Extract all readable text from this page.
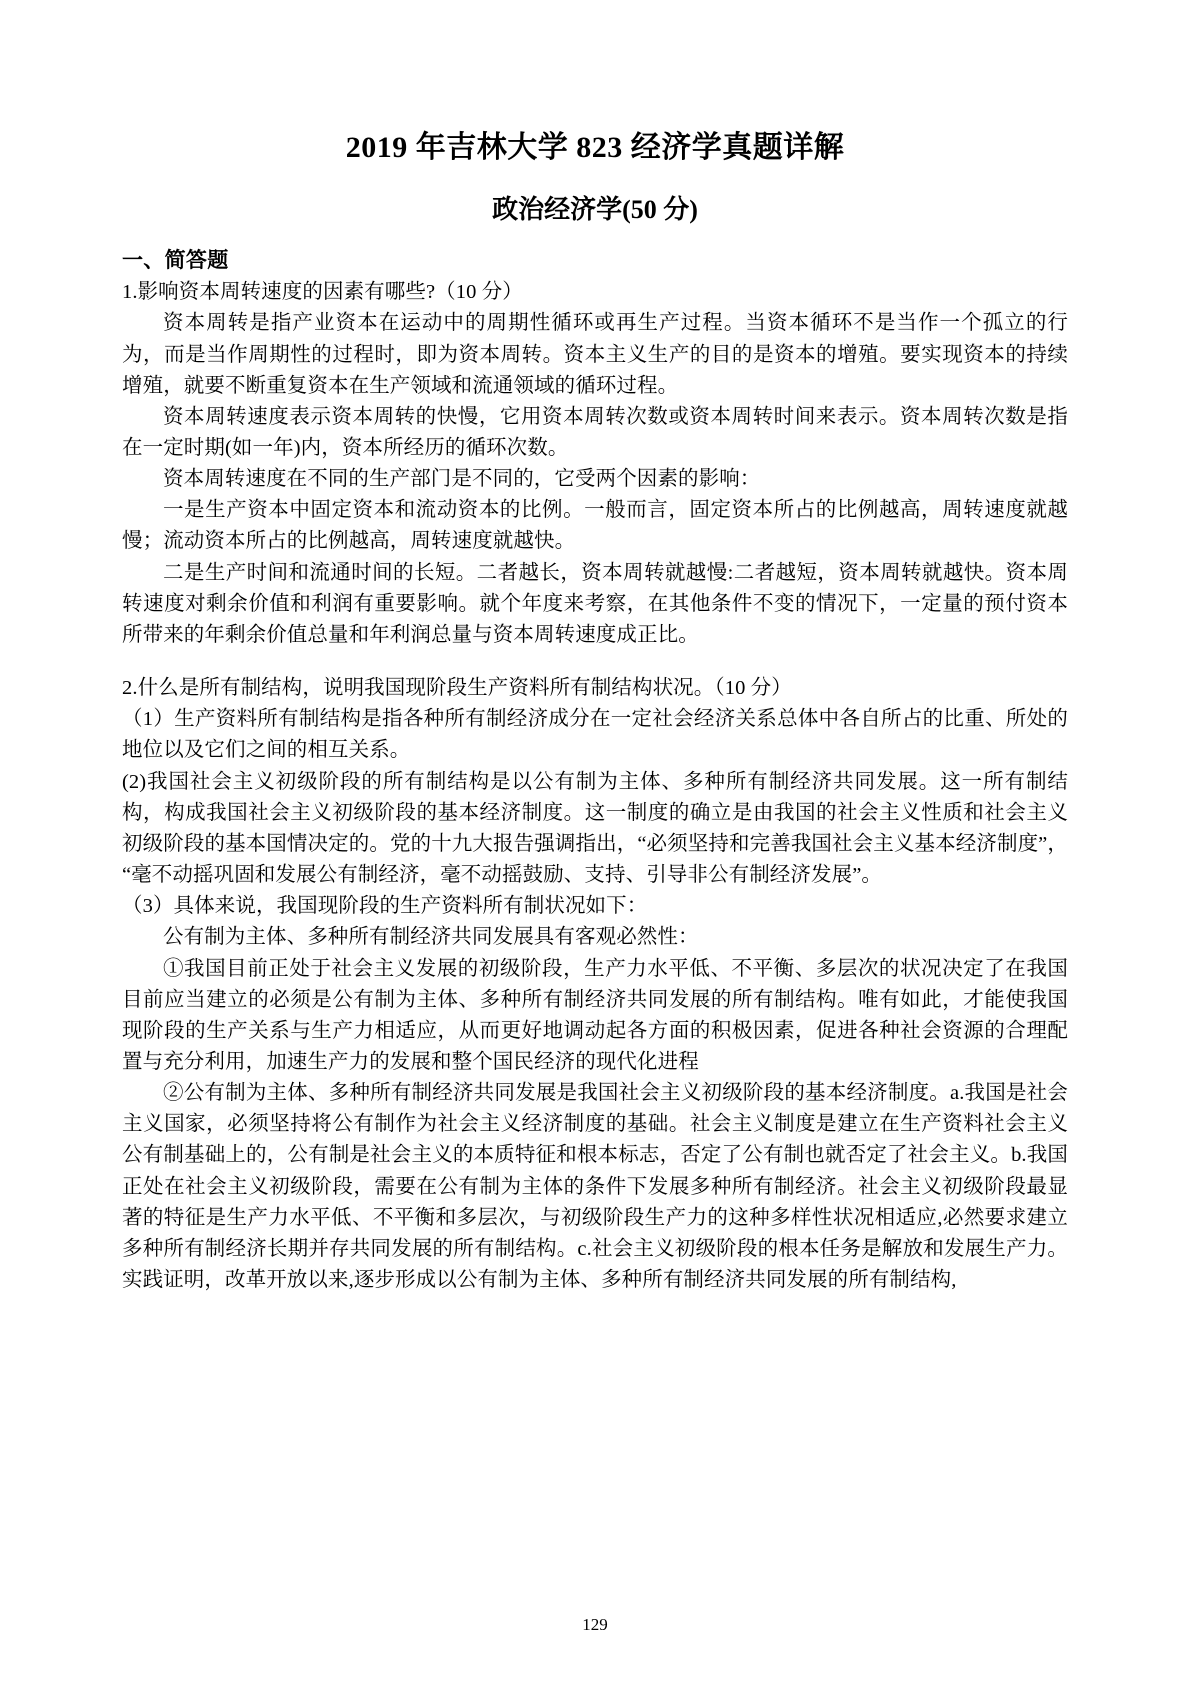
2019 年吉林大学 823 经济学真题详解
政治经济学(50 分)
一、简答题

1.影响资本周转速度的因素有哪些?（10 分）

资本周转是指产业资本在运动中的周期性循环或再生产过程。当资本循环不是当作一个孤立的行为，而是当作周期性的过程时，即为资本周转。资本主义生产的目的是资本的增殖。要实现资本的持续增殖，就要不断重复资本在生产领域和流通领域的循环过程。

资本周转速度表示资本周转的快慢，它用资本周转次数或资本周转时间来表示。资本周转次数是指在一定时期(如一年)内，资本所经历的循环次数。

资本周转速度在不同的生产部门是不同的，它受两个因素的影响：

一是生产资本中固定资本和流动资本的比例。一般而言，固定资本所占的比例越高，周转速度就越慢；流动资本所占的比例越高，周转速度就越快。

二是生产时间和流通时间的长短。二者越长，资本周转就越慢:二者越短，资本周转就越快。资本周转速度对剩余价值和利润有重要影响。就个年度来考察，在其他条件不变的情况下，一定量的预付资本所带来的年剩余价值总量和年利润总量与资本周转速度成正比。

2.什么是所有制结构，说明我国现阶段生产资料所有制结构状况。（10 分）

（1）生产资料所有制结构是指各种所有制经济成分在一定社会经济关系总体中各自所占的比重、所处的地位以及它们之间的相互关系。

(2)我国社会主义初级阶段的所有制结构是以公有制为主体、多种所有制经济共同发展。这一所有制结构，构成我国社会主义初级阶段的基本经济制度。这一制度的确立是由我国的社会主义性质和社会主义初级阶段的基本国情决定的。党的十九大报告强调指出，“必须坚持和完善我国社会主义基本经济制度”，“毫不动摇巩固和发展公有制经济，毫不动摇鼓励、支持、引导非公有制经济发展”。

（3）具体来说，我国现阶段的生产资料所有制状况如下：

公有制为主体、多种所有制经济共同发展具有客观必然性：

①我国目前正处于社会主义发展的初级阶段，生产力水平低、不平衡、多层次的状况决定了在我国目前应当建立的必须是公有制为主体、多种所有制经济共同发展的所有制结构。唯有如此，才能使我国现阶段的生产关系与生产力相适应，从而更好地调动起各方面的积极因素，促进各种社会资源的合理配置与充分利用，加速生产力的发展和整个国民经济的现代化进程

②公有制为主体、多种所有制经济共同发展是我国社会主义初级阶段的基本经济制度。a.我国是社会主义国家，必须坚持将公有制作为社会主义经济制度的基础。社会主义制度是建立在生产资料社会主义公有制基础上的，公有制是社会主义的本质特征和根本标志，否定了公有制也就否定了社会主义。b.我国正处在社会主义初级阶段，需要在公有制为主体的条件下发展多种所有制经济。社会主义初级阶段最显著的特征是生产力水平低、不平衡和多层次，与初级阶段生产力的这种多样性状况相适应,必然要求建立多种所有制经济长期并存共同发展的所有制结构。c.社会主义初级阶段的根本任务是解放和发展生产力。实践证明，改革开放以来,逐步形成以公有制为主体、多种所有制经济共同发展的所有制结构,

129
